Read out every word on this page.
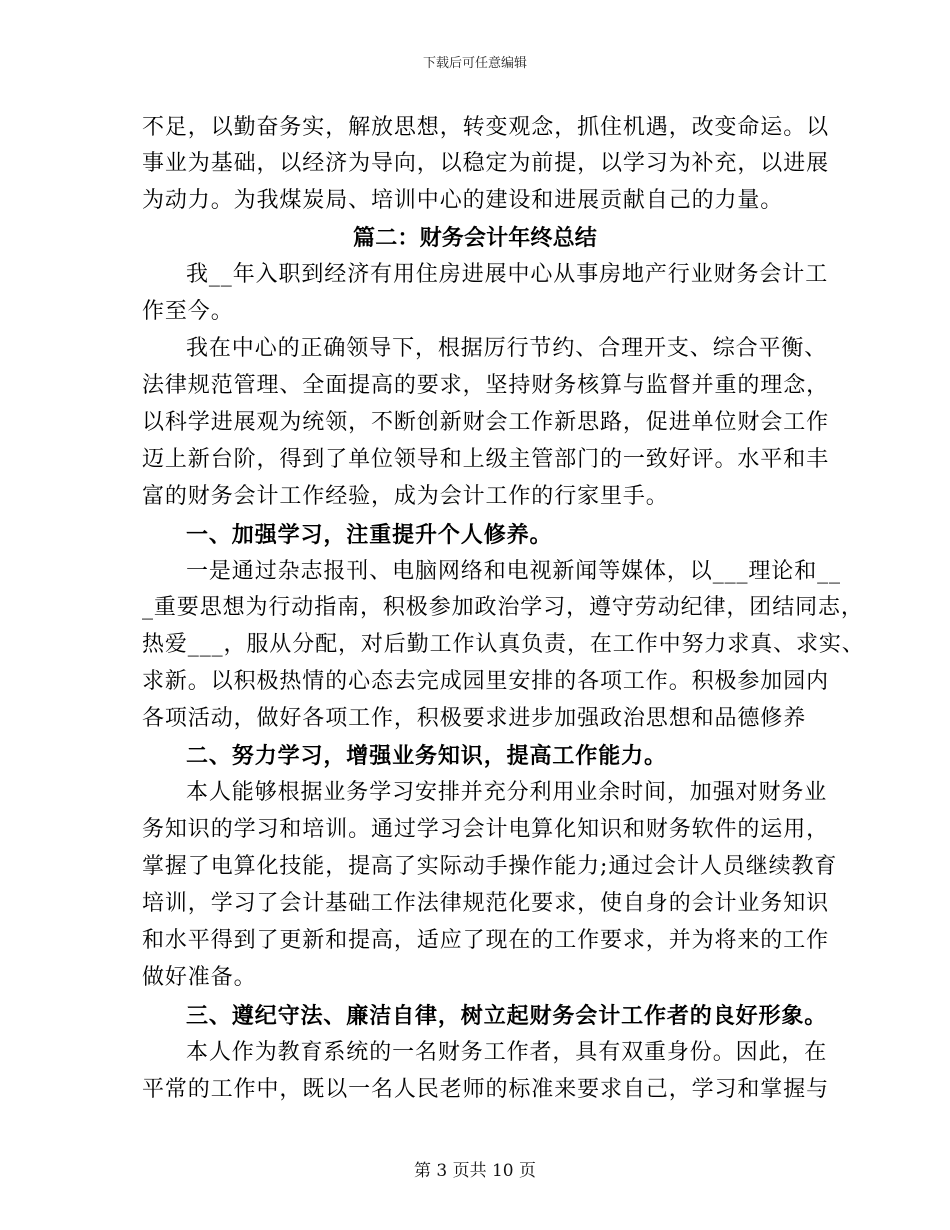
下载后可任意编辑
不足，以勤奋务实，解放思想，转变观念，抓住机遇，改变命运。以
事业为基础，以经济为导向，以稳定为前提，以学习为补充，以进展
为动力。为我煤炭局、培训中心的建设和进展贡献自己的力量。
篇二：财务会计年终总结
我__年入职到经济有用住房进展中心从事房地产行业财务会计工
作至今。
我在中心的正确领导下，根据厉行节约、合理开支、综合平衡、
法律规范管理、全面提高的要求，坚持财务核算与监督并重的理念，
以科学进展观为统领，不断创新财会工作新思路，促进单位财会工作
迈上新台阶，得到了单位领导和上级主管部门的一致好评。水平和丰
富的财务会计工作经验，成为会计工作的行家里手。
一、加强学习，注重提升个人修养。
一是通过杂志报刊、电脑网络和电视新闻等媒体，以___理论和__
_重要思想为行动指南，积极参加政治学习，遵守劳动纪律，团结同志，
热爱___，服从分配，对后勤工作认真负责，在工作中努力求真、求实、
求新。以积极热情的心态去完成园里安排的各项工作。积极参加园内
各项活动，做好各项工作，积极要求进步加强政治思想和品德修养
二、努力学习，增强业务知识，提高工作能力。
本人能够根据业务学习安排并充分利用业余时间，加强对财务业
务知识的学习和培训。通过学习会计电算化知识和财务软件的运用，
掌握了电算化技能，提高了实际动手操作能力;通过会计人员继续教育
培训，学习了会计基础工作法律规范化要求，使自身的会计业务知识
和水平得到了更新和提高，适应了现在的工作要求，并为将来的工作
做好准备。
三、遵纪守法、廉洁自律，树立起财务会计工作者的良好形象。
本人作为教育系统的一名财务工作者，具有双重身份。因此，在
平常的工作中，既以一名人民老师的标准来要求自己，学习和掌握与
第 3 页共 10 页
